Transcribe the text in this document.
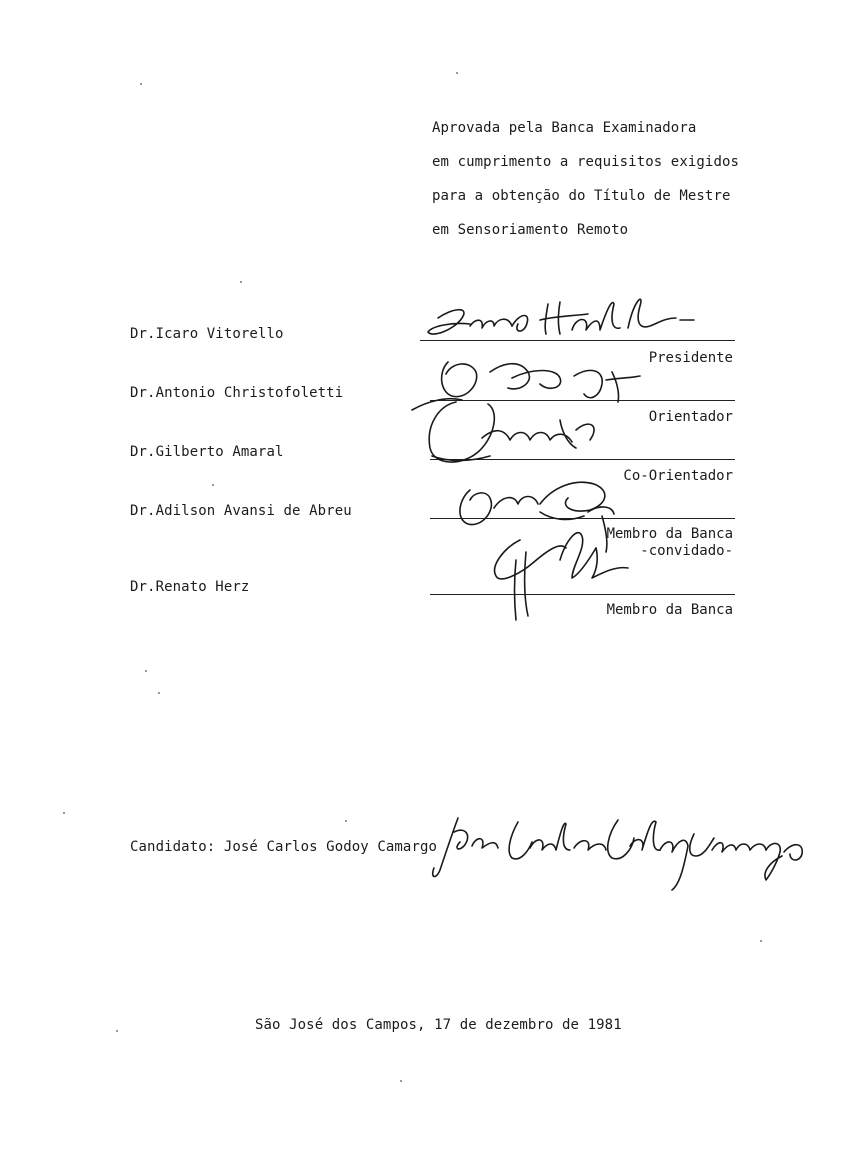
Aprovada pela Banca Examinadora
em cumprimento a requisitos exigidos
para a obtenção do Título de Mestre
em Sensoriamento Remoto
Dr.Icaro Vitorello
Dr.Antonio Christofoletti
Dr.Gilberto Amaral
Dr.Adilson Avansi de Abreu
Dr.Renato Herz
Presidente
Orientador
Co-Orientador
Membro da Banca
-convidado-
Membro da Banca
Candidato: José Carlos Godoy Camargo
São José dos Campos, 17 de dezembro de 1981
